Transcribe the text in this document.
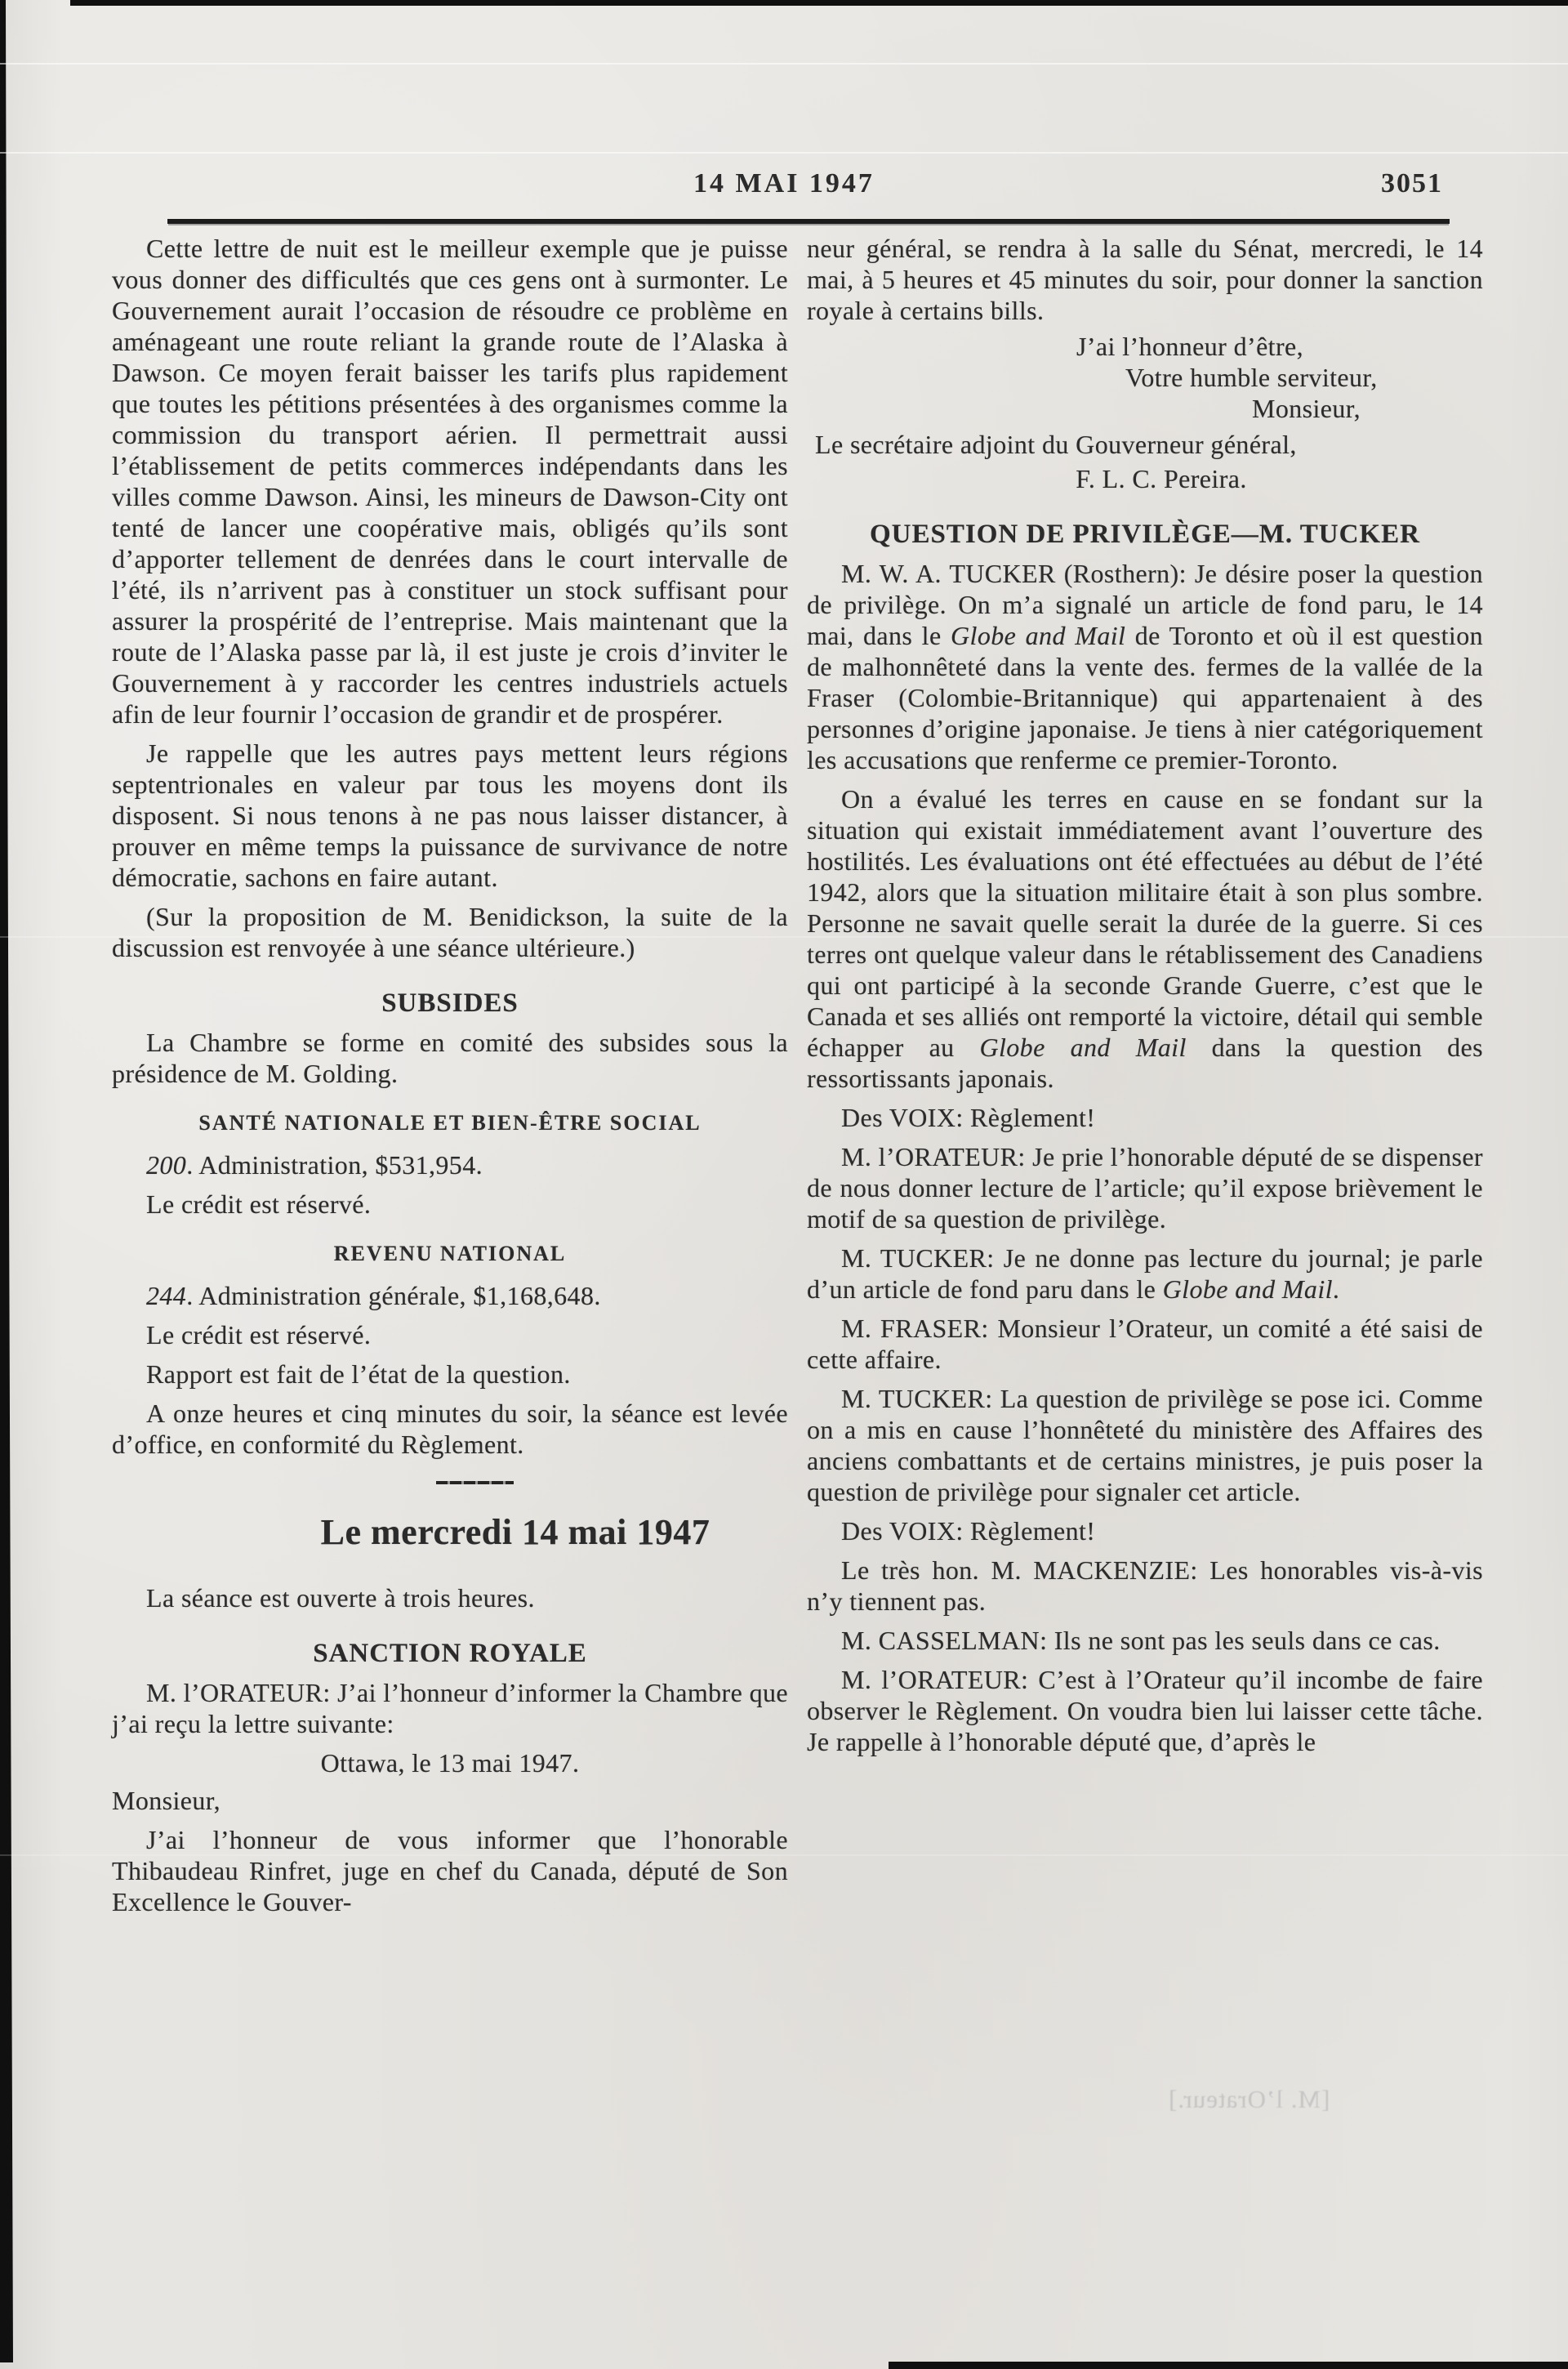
14 MAI 1947	3051
Cette lettre de nuit est le meilleur exemple que je puisse vous donner des difficultés que ces gens ont à surmonter. Le Gouvernement aurait l’occasion de résoudre ce problème en aménageant une route reliant la grande route de l’Alaska à Dawson. Ce moyen ferait baisser les tarifs plus rapidement que toutes les pétitions présentées à des organismes comme la commission du transport aérien. Il permettrait aussi l’établissement de petits commerces indépendants dans les villes comme Dawson. Ainsi, les mineurs de Dawson-City ont tenté de lancer une coopérative mais, obligés qu’ils sont d’apporter tellement de denrées dans le court intervalle de l’été, ils n’arrivent pas à constituer un stock suffisant pour assurer la prospérité de l’entreprise. Mais maintenant que la route de l’Alaska passe par là, il est juste je crois d’inviter le Gouvernement à y raccorder les centres industriels actuels afin de leur fournir l’occasion de grandir et de prospérer.
Je rappelle que les autres pays mettent leurs régions septentrionales en valeur par tous les moyens dont ils disposent. Si nous tenons à ne pas nous laisser distancer, à prouver en même temps la puissance de survivance de notre démocratie, sachons en faire autant.
(Sur la proposition de M. Benidickson, la suite de la discussion est renvoyée à une séance ultérieure.)
SUBSIDES
La Chambre se forme en comité des subsides sous la présidence de M. Golding.
SANTÉ NATIONALE ET BIEN-ÊTRE SOCIAL
200. Administration, $531,954.
Le crédit est réservé.
REVENU NATIONAL
244. Administration générale, $1,168,648.
Le crédit est réservé.
Rapport est fait de l’état de la question.
A onze heures et cinq minutes du soir, la séance est levée d’office, en conformité du Règlement.
Le mercredi 14 mai 1947
La séance est ouverte à trois heures.
SANCTION ROYALE
M. l’ORATEUR: J’ai l’honneur d’informer la Chambre que j’ai reçu la lettre suivante:
Ottawa, le 13 mai 1947.
Monsieur,
J’ai l’honneur de vous informer que l’honorable Thibaudeau Rinfret, juge en chef du Canada, député de Son Excellence le Gouver-
neur général, se rendra à la salle du Sénat, mercredi, le 14 mai, à 5 heures et 45 minutes du soir, pour donner la sanction royale à certains bills.
J’ai l’honneur d’être,
Votre humble serviteur,
Monsieur,
Le secrétaire adjoint du Gouverneur général,
F. L. C. Pereira.
QUESTION DE PRIVILÈGE—M. TUCKER
M. W. A. TUCKER (Rosthern): Je désire poser la question de privilège. On m’a signalé un article de fond paru, le 14 mai, dans le Globe and Mail de Toronto et où il est question de malhonnêteté dans la vente des. fermes de la vallée de la Fraser (Colombie-Britannique) qui appartenaient à des personnes d’origine japonaise. Je tiens à nier catégoriquement les accusations que renferme ce premier-Toronto.
On a évalué les terres en cause en se fondant sur la situation qui existait immédiatement avant l’ouverture des hostilités. Les évaluations ont été effectuées au début de l’été 1942, alors que la situation militaire était à son plus sombre. Personne ne savait quelle serait la durée de la guerre. Si ces terres ont quelque valeur dans le rétablissement des Canadiens qui ont participé à la seconde Grande Guerre, c’est que le Canada et ses alliés ont remporté la victoire, détail qui semble échapper au Globe and Mail dans la question des ressortissants japonais.
Des VOIX: Règlement!
M. l’ORATEUR: Je prie l’honorable député de se dispenser de nous donner lecture de l’article; qu’il expose brièvement le motif de sa question de privilège.
M. TUCKER: Je ne donne pas lecture du journal; je parle d’un article de fond paru dans le Globe and Mail.
M. FRASER: Monsieur l’Orateur, un comité a été saisi de cette affaire.
M. TUCKER: La question de privilège se pose ici. Comme on a mis en cause l’honnêteté du ministère des Affaires des anciens combattants et de certains ministres, je puis poser la question de privilège pour signaler cet article.
Des VOIX: Règlement!
Le très hon. M. MACKENZIE: Les honorables vis-à-vis n’y tiennent pas.
M. CASSELMAN: Ils ne sont pas les seuls dans ce cas.
M. l’ORATEUR: C’est à l’Orateur qu’il incombe de faire observer le Règlement. On voudra bien lui laisser cette tâche. Je rappelle à l’honorable député que, d’après le
[M. l’Orateur.]
